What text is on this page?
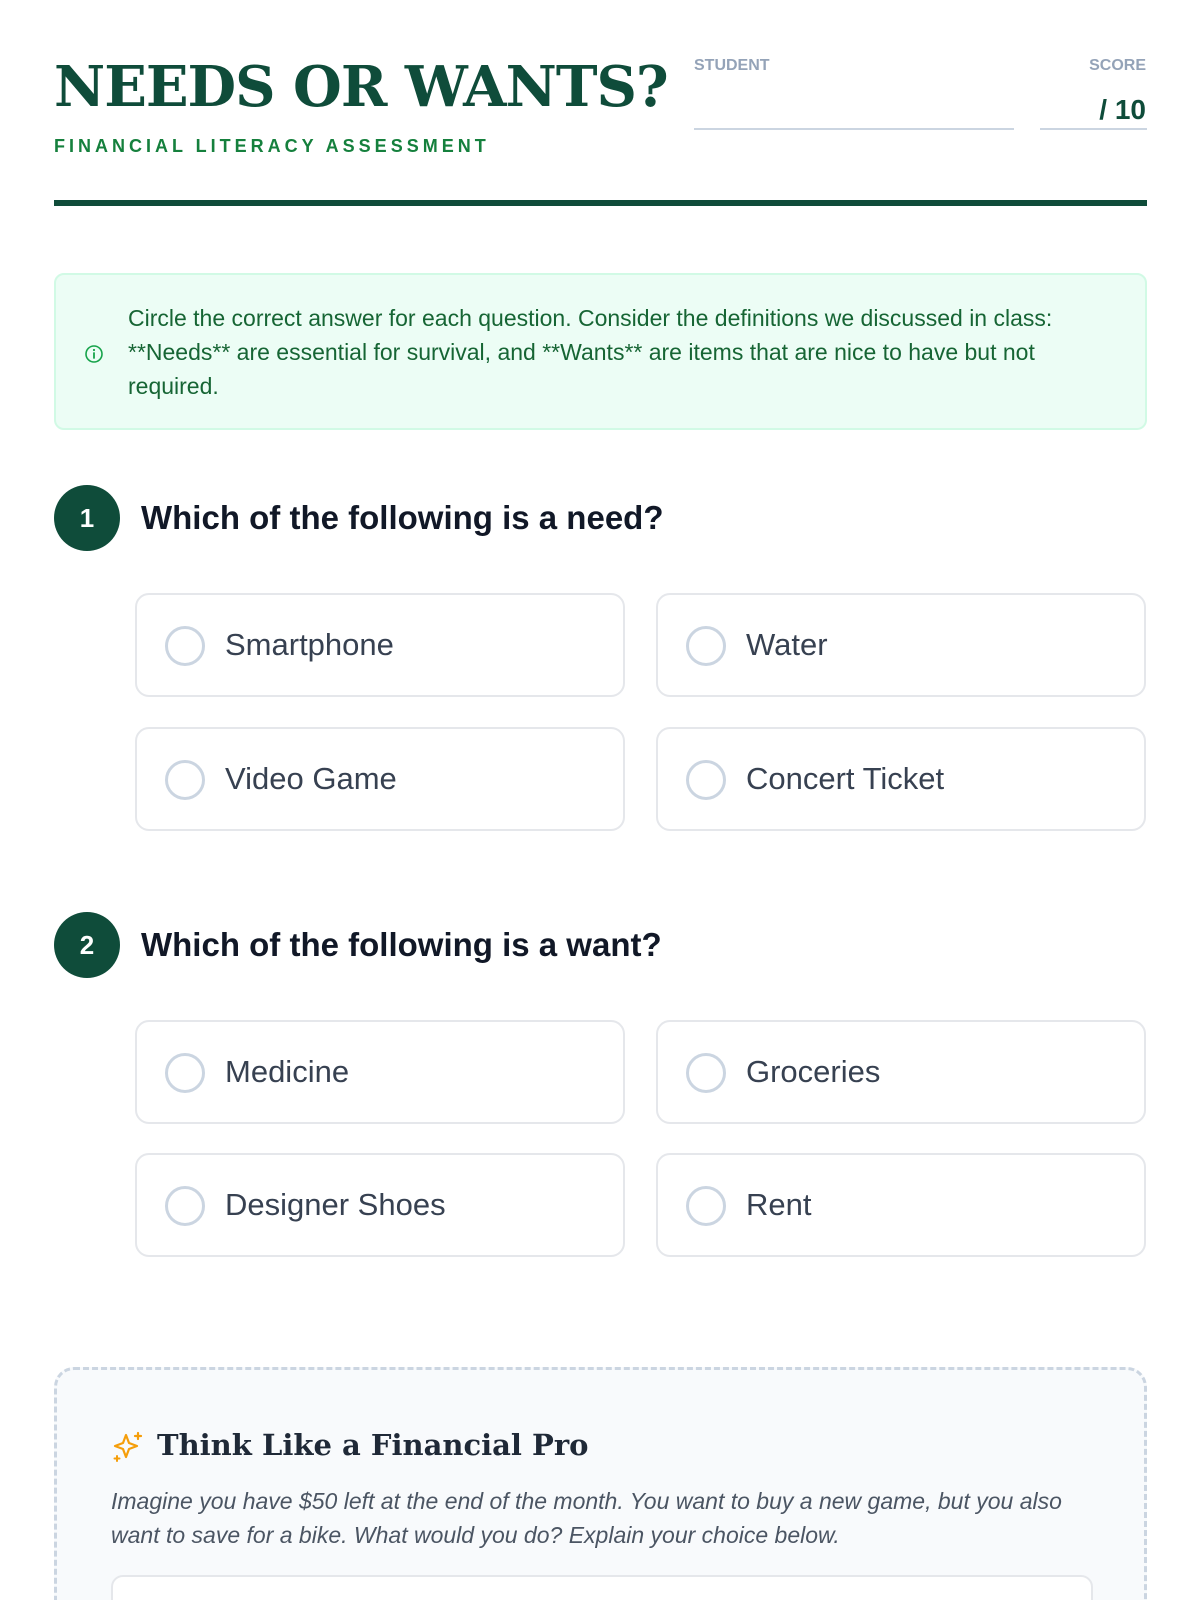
NEEDS OR WANTS?
FINANCIAL LITERACY ASSESSMENT
STUDENT	SCORE
/ 10

Circle the correct answer for each question. Consider the definitions we discussed in class: **Needs** are essential for survival, and **Wants** are items that are nice to have but not required.

1	Which of the following is a need?
Smartphone	Water
Video Game	Concert Ticket
2	Which of the following is a want?
Medicine	Groceries
Designer Shoes	Rent
Think Like a Financial Pro

Imagine you have $50 left at the end of the month. You want to buy a new game, but you also want to save for a bike. What would you do? Explain your choice below.
